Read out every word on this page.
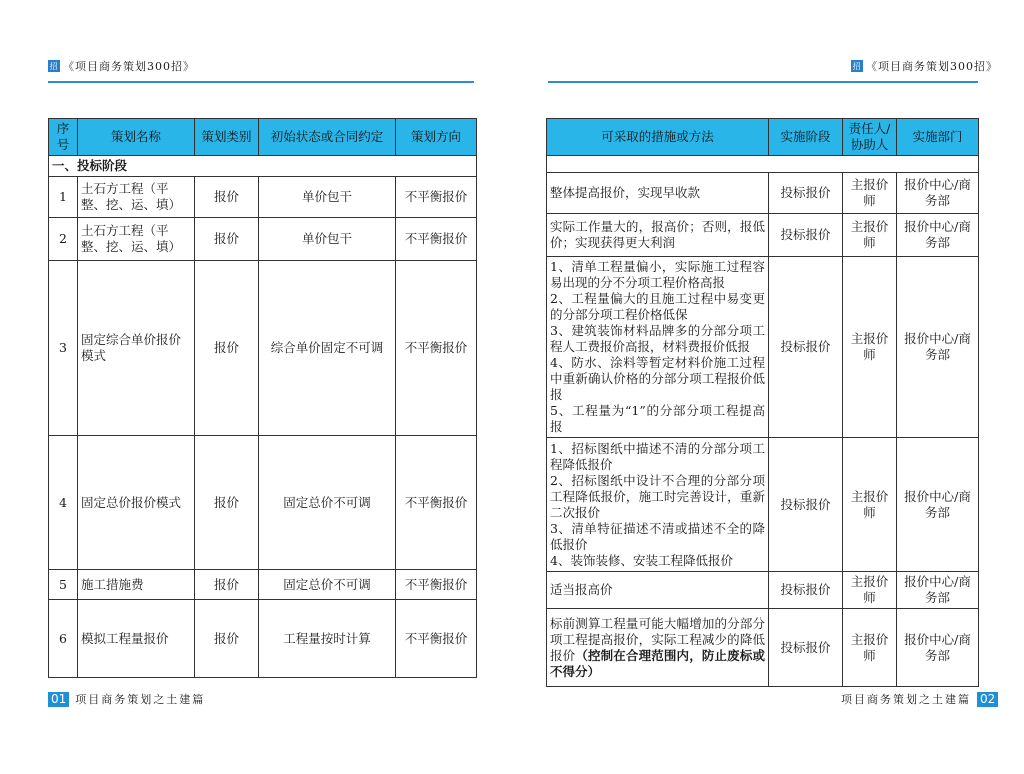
招 《项目商务策划300招》
序号	策划名称	策划类别	初始状态或合同约定	策划方向
一、投标阶段				
1	土石方工程（平整、挖、运、填）	报价	单价包干	不平衡报价
2	土石方工程（平整、挖、运、填）	报价	单价包干	不平衡报价
3	固定综合单价报价模式	报价	综合单价固定不可调	不平衡报价
4	固定总价报价模式	报价	固定总价不可调	不平衡报价
5	施工措施费	报价	固定总价不可调	不平衡报价
6	模拟工程量报价	报价	工程量按时计算	不平衡报价
01 项目商务策划之土建篇
招 《项目商务策划300招》
可采取的措施或方法	实施阶段	责任人/协助人	实施部门

整体提高报价，实现早收款	投标报价	主报价师	报价中心/商务部
实际工作量大的，报高价；否则，报低价；实现获得更大利润	投标报价	主报价师	报价中心/商务部

1、清单工程量偏小，实际施工过程容易出现的分不分项工程价格高报
2、工程量偏大的且施工过程中易变更的分部分项工程价格低保
3、建筑装饰材料品牌多的分部分项工程人工费报价高报，材料费报价低报
4、防水、涂料等暂定材料价施工过程中重新确认价格的分部分项工程报价低报
5、工程量为“1”的分部分项工程提高报	投标报价	主报价师	报价中心/商务部

1、招标图纸中描述不清的分部分项工程降低报价
2、招标图纸中设计不合理的分部分项工程降低报价，施工时完善设计，重新二次报价
3、清单特征描述不清或描述不全的降低报价
4、装饰装修、安装工程降低报价	投标报价	主报价师	报价中心/商务部
适当报高价	投标报价	主报价师	报价中心/商务部
标前测算工程量可能大幅增加的分部分项工程提高报价，实际工程减少的降低报价（控制在合理范围内，防止废标或不得分）	投标报价	主报价师	报价中心/商务部
项目商务策划之土建篇 02
